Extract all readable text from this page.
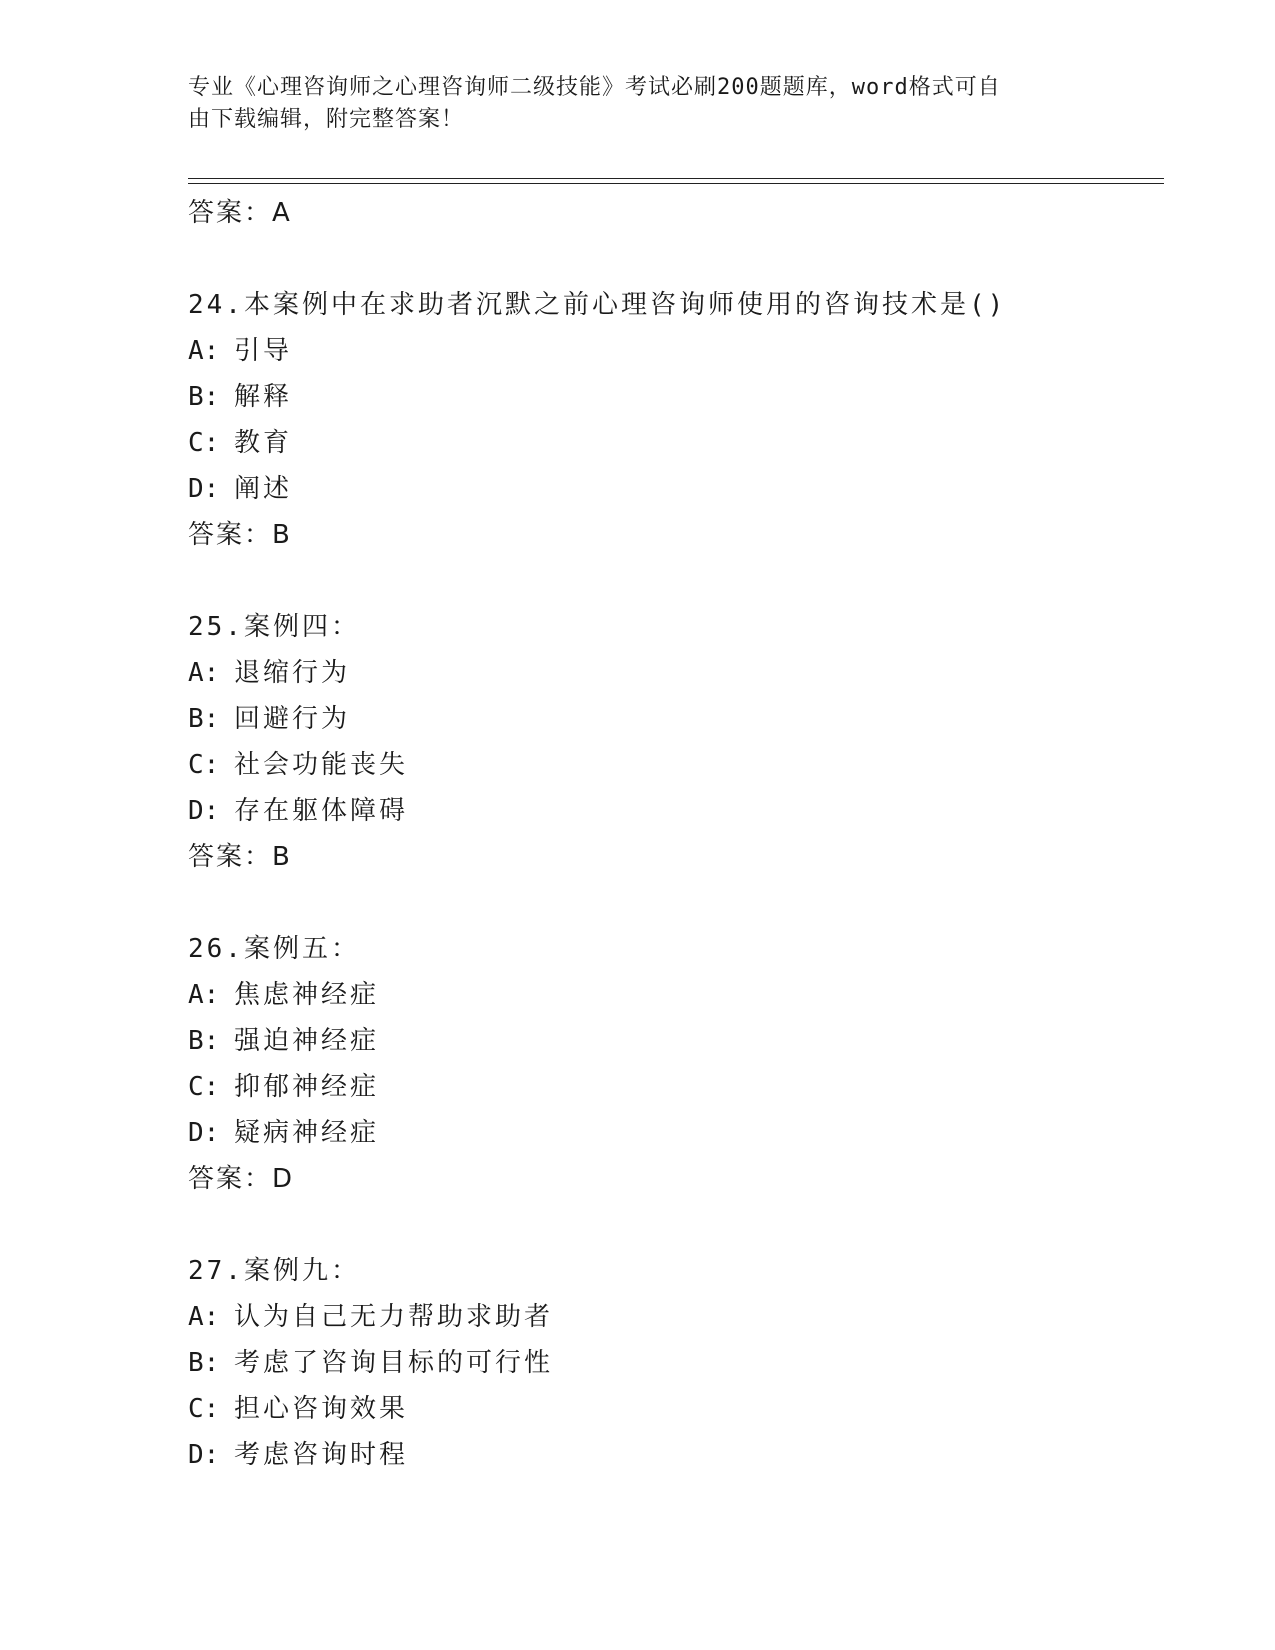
专业《心理咨询师之心理咨询师二级技能》考试必刷200题题库，word格式可自
由下载编辑，附完整答案！
答案：A
24.本案例中在求助者沉默之前心理咨询师使用的咨询技术是()
A: 引导
B: 解释
C: 教育
D: 阐述
答案：B
25.案例四：
A: 退缩行为
B: 回避行为
C: 社会功能丧失
D: 存在躯体障碍
答案：B
26.案例五：
A: 焦虑神经症
B: 强迫神经症
C: 抑郁神经症
D: 疑病神经症
答案：D
27.案例九：
A: 认为自己无力帮助求助者
B: 考虑了咨询目标的可行性
C: 担心咨询效果
D: 考虑咨询时程
